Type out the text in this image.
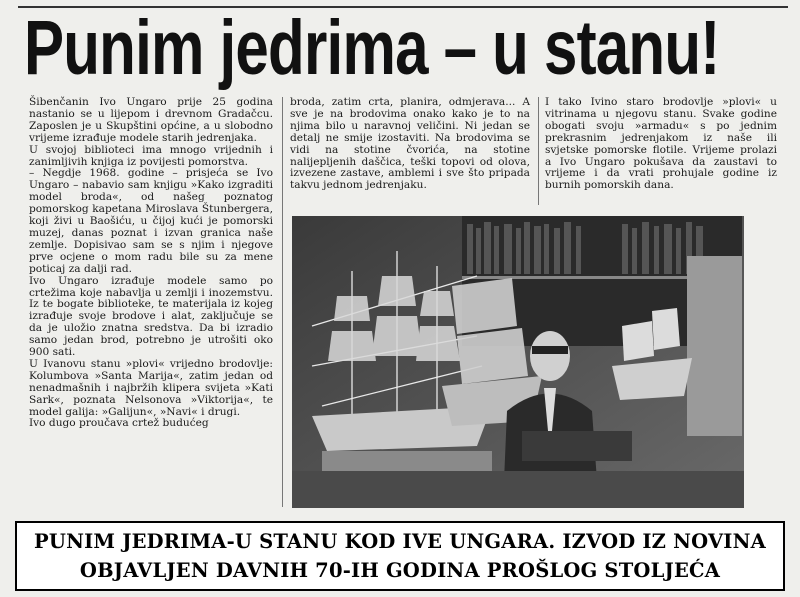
Punim jedrima – u stanu!
Šibenčanin Ivo Ungaro prije 25 godina nastanio se u lijepom i drevnom Gradačcu. Zaposlen je u Skupštini općine, a u slobodno vrijeme izrađuje modele starih jedrenjaka.
U svojoj biblioteci ima mnogo vrijednih i zanimljivih knjiga iz povijesti pomorstva.
– Negdje 1968. godine – prisjeća se Ivo Ungaro – nabavio sam knjigu »Kako izgraditi model broda«, od našeg poznatog pomorskog kapetana Miroslava Štunbergera, koji živi u Baošiću, u čijoj kući je pomorski muzej, danas poznat i izvan granica naše zemlje. Dopisivao sam se s njim i njegove prve ocjene o mom radu bile su za mene poticaj za dalji rad.
Ivo Ungaro izrađuje modele samo po crtežima koje nabavlja u zemlji i inozemstvu. Iz te bogate biblioteke, te materijala iz kojeg izrađuje svoje brodove i alat, zaključuje se da je uložio znatna sredstva. Da bi izradio samo jedan brod, potrebno je utrošiti oko 900 sati.
U Ivanovu stanu »plovi« vrijedno brodovlje: Kolumbova »Santa Marija«, zatim jedan od nenadmašnih i najbržih klipera svijeta »Kati Sark«, poznata Nelsonova »Viktorija«, te model galija: »Galijun«, »Navi« i drugi.
Ivo dugo proučava crtež budućeg
broda, zatim crta, planira, odmjerava... A sve je na brodovima onako kako je to na njima bilo u naravnoj veličini. Ni jedan se detalj ne smije izostaviti. Na brodovima se vidi na stotine čvorića, na stotine nalijepljenih daščica, teški topovi od olova, izvezene zastave, amblemi i sve što pripada takvu jednom jedrenjaku.
I tako Ivino staro brodovlje »plovi« u vitrinama u njegovu stanu. Svake godine obogati svoju »armadu« s po jednim prekrasnim jedrenjakom iz naše ili svjetske pomorske flotile. Vrijeme prolazi a Ivo Ungaro pokušava da zaustavi to vrijeme i da vrati prohujale godine iz burnih pomorskih dana.
PUNIM JEDRIMA-U STANU KOD IVE UNGARA. IZVOD IZ NOVINA
OBJAVLJEN DAVNIH 70-IH GODINA PROŠLOG STOLJEĆA
